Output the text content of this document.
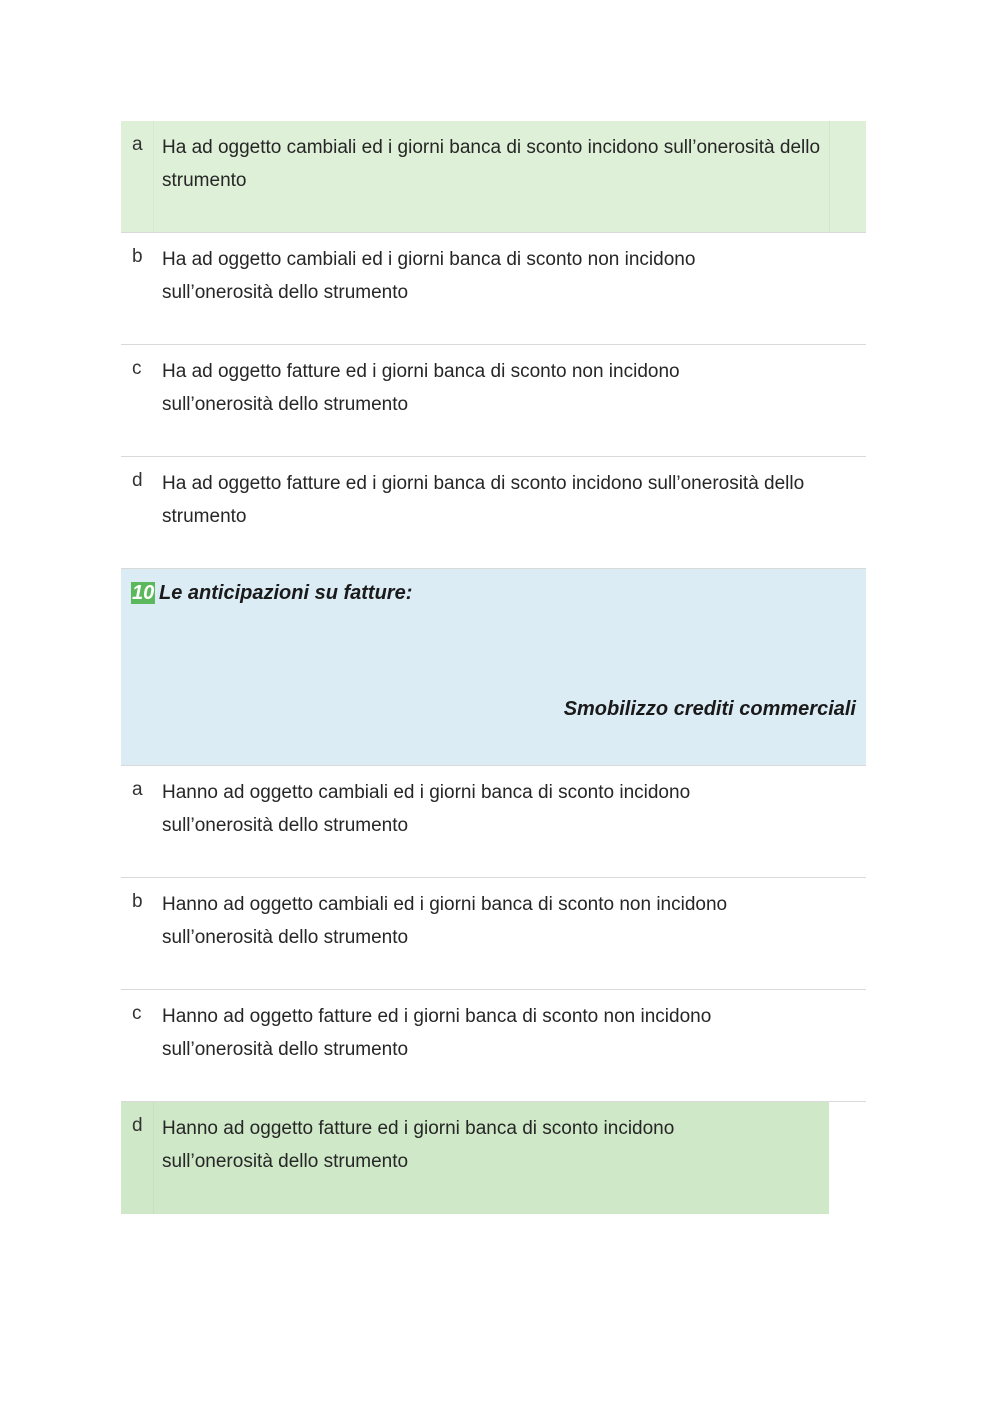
a Ha ad oggetto cambiali ed i giorni banca di sconto incidono sull’onerosità dello strumento
b Ha ad oggetto cambiali ed i giorni banca di sconto non incidono sull’onerosità dello strumento
c Ha ad oggetto fatture ed i giorni banca di sconto non incidono sull’onerosità dello strumento
d Ha ad oggetto fatture ed i giorni banca di sconto incidono sull’onerosità dello strumento
10 Le anticipazioni su fatture:
Smobilizzo crediti commerciali
a Hanno ad oggetto cambiali ed i giorni banca di sconto incidono sull’onerosità dello strumento
b Hanno ad oggetto cambiali ed i giorni banca di sconto non incidono sull’onerosità dello strumento
c Hanno ad oggetto fatture ed i giorni banca di sconto non incidono sull’onerosità dello strumento
d Hanno ad oggetto fatture ed i giorni banca di sconto incidono sull’onerosità dello strumento
